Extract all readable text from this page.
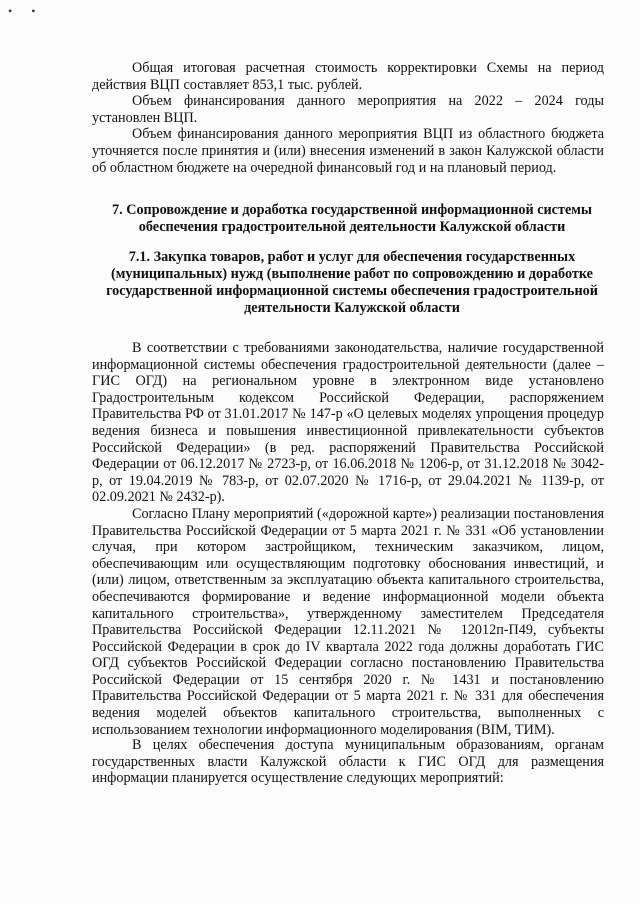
• •

Общая итоговая расчетная стоимость корректировки Схемы на период действия ВЦП составляет 853,1 тыс. рублей.

Объем финансирования данного мероприятия на 2022 – 2024 годы установлен ВЦП.

Объем финансирования данного мероприятия ВЦП из областного бюджета уточняется после принятия и (или) внесения изменений в закон Калужской области об областном бюджете на очередной финансовый год и на плановый период.

7. Сопровождение и доработка государственной информационной системы обеспечения градостроительной деятельности Калужской области
7.1. Закупка товаров, работ и услуг для обеспечения государственных (муниципальных) нужд (выполнение работ по сопровождению и доработке государственной информационной системы обеспечения градостроительной деятельности Калужской области

В соответствии с требованиями законодательства, наличие государственной информационной системы обеспечения градостроительной деятельности (далее – ГИС ОГД) на региональном уровне в электронном виде установлено Градостроительным кодексом Российской Федерации, распоряжением Правительства РФ от 31.01.2017 № 147-р «О целевых моделях упрощения процедур ведения бизнеса и повышения инвестиционной привлекательности субъектов Российской Федерации» (в ред. распоряжений Правительства Российской Федерации от 06.12.2017 № 2723-р, от 16.06.2018 № 1206-р, от 31.12.2018 № 3042-р, от 19.04.2019 № 783-р, от 02.07.2020 № 1716-р, от 29.04.2021 № 1139-р, от 02.09.2021 № 2432-р).

Согласно Плану мероприятий («дорожной карте») реализации постановления Правительства Российской Федерации от 5 марта 2021 г. № 331 «Об установлении случая, при котором застройщиком, техническим заказчиком, лицом, обеспечивающим или осуществляющим подготовку обоснования инвестиций, и (или) лицом, ответственным за эксплуатацию объекта капитального строительства, обеспечиваются формирование и ведение информационной модели объекта капитального строительства», утвержденному заместителем Председателя Правительства Российской Федерации 12.11.2021 № 12012п-П49, субъекты Российской Федерации в срок до IV квартала 2022 года должны доработать ГИС ОГД субъектов Российской Федерации согласно постановлению Правительства Российской Федерации от 15 сентября 2020 г. № 1431 и постановлению Правительства Российской Федерации от 5 марта 2021 г. № 331 для обеспечения ведения моделей объектов капитального строительства, выполненных с использованием технологии информационного моделирования (BIM, ТИМ).

В целях обеспечения доступа муниципальным образованиям, органам государственных власти Калужской области к ГИС ОГД для размещения информации планируется осуществление следующих мероприятий:
